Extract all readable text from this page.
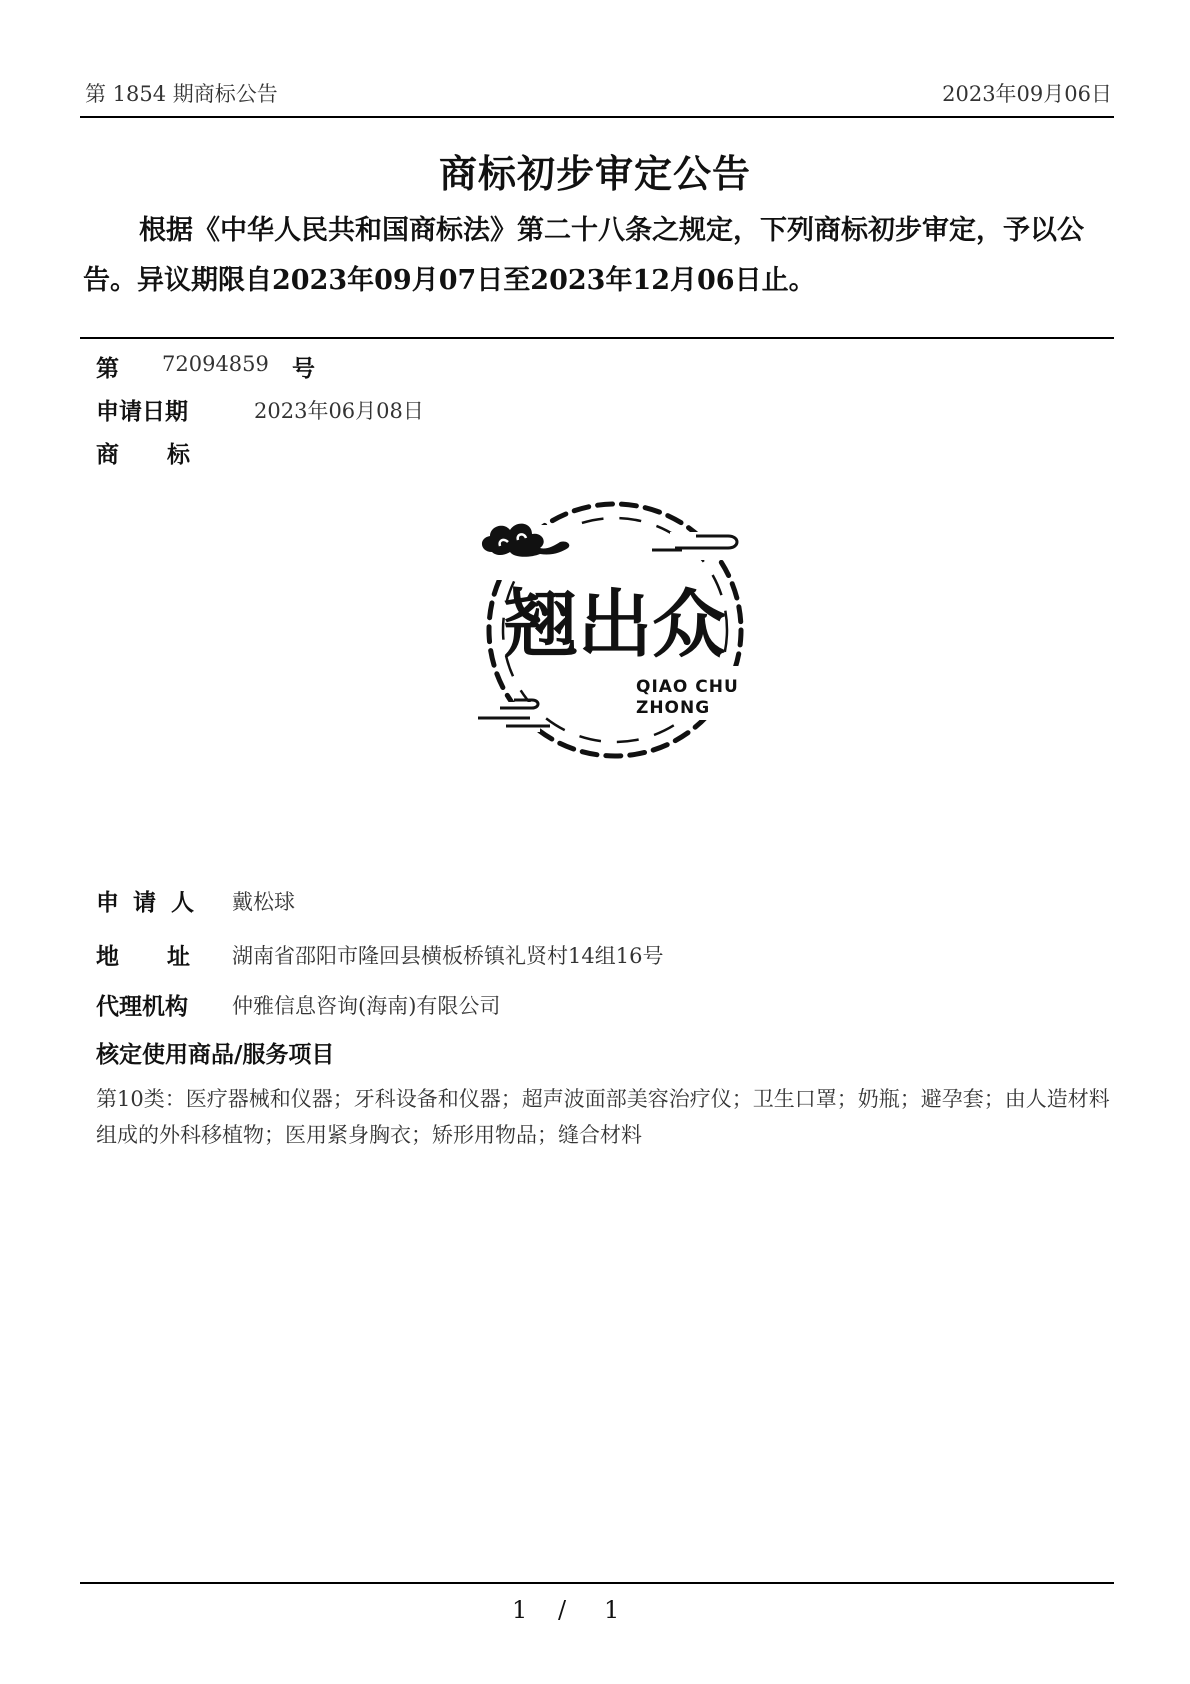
第 1854 期商标公告	2023年09月06日
商标初步审定公告

根据《中华人民共和国商标法》第二十八条之规定，下列商标初步审定，予以公告。异议期限自2023年09月07日至2023年12月06日止。

第 72094859 号
申请日期	2023年06月08日
商 标
翘出众
QIAO CHU
ZHONG
申 请 人 戴松球
地 址 湖南省邵阳市隆回县横板桥镇礼贤村14组16号
代理机构 仲雅信息咨询(海南)有限公司
核定使用商品/服务项目
第10类：医疗器械和仪器；牙科设备和仪器；超声波面部美容治疗仪；卫生口罩；奶瓶；避孕套；由人造材料组成的外科移植物；医用紧身胸衣；矫形用物品；缝合材料
1 / 1
